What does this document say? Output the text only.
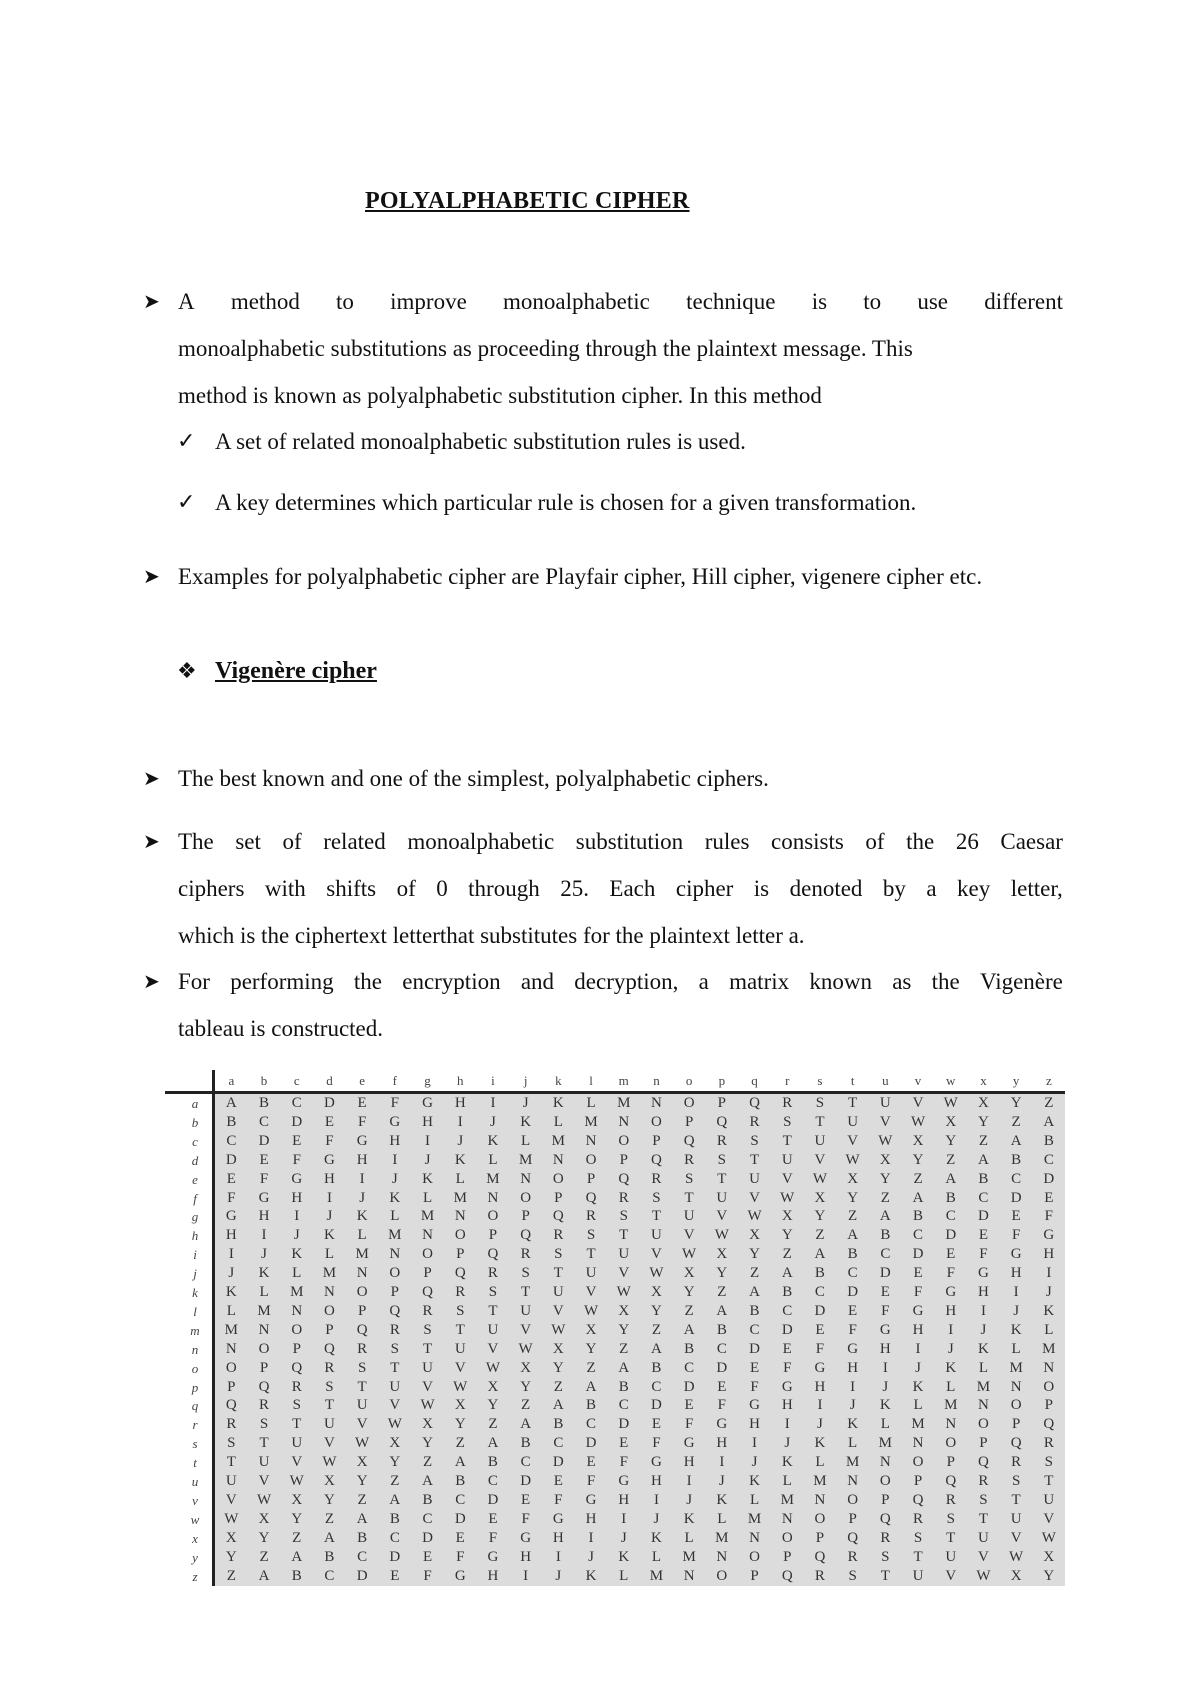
POLYALPHABETIC CIPHER
➤ A method to improve monoalphabetic technique is to use different
monoalphabetic substitutions as proceeding through the plaintext message. This
method is known as polyalphabetic substitution cipher. In this method
✓ A set of related monoalphabetic substitution rules is used.
✓ A key determines which particular rule is chosen for a given transformation.
➤ Examples for polyalphabetic cipher are Playfair cipher, Hill cipher, vigenere cipher etc.
❖ Vigenère cipher
➤ The best known and one of the simplest, polyalphabetic ciphers.
➤ The set of related monoalphabetic substitution rules consists of the 26 Caesar
ciphers with shifts of 0 through 25. Each cipher is denoted by a key letter,
which is the ciphertext letterthat substitutes for the plaintext letter a.
➤ For performing the encryption and decryption, a matrix known as the Vigenère
tableau is constructed.
a	b	c	d	e	f	g	h	i	j	k	l	m	n	o	p	q	r	s	t	u	v	w	x	y	z
a	A	B	C	D	E	F	G	H	I	J	K	L	M	N	O	P	Q	R	S	T	U	V	W	X	Y	Z
b	B	C	D	E	F	G	H	I	J	K	L	M	N	O	P	Q	R	S	T	U	V	W	X	Y	Z	A
c	C	D	E	F	G	H	I	J	K	L	M	N	O	P	Q	R	S	T	U	V	W	X	Y	Z	A	B
d	D	E	F	G	H	I	J	K	L	M	N	O	P	Q	R	S	T	U	V	W	X	Y	Z	A	B	C
e	E	F	G	H	I	J	K	L	M	N	O	P	Q	R	S	T	U	V	W	X	Y	Z	A	B	C	D
f	F	G	H	I	J	K	L	M	N	O	P	Q	R	S	T	U	V	W	X	Y	Z	A	B	C	D	E
g	G	H	I	J	K	L	M	N	O	P	Q	R	S	T	U	V	W	X	Y	Z	A	B	C	D	E	F
h	H	I	J	K	L	M	N	O	P	Q	R	S	T	U	V	W	X	Y	Z	A	B	C	D	E	F	G
i	I	J	K	L	M	N	O	P	Q	R	S	T	U	V	W	X	Y	Z	A	B	C	D	E	F	G	H
j	J	K	L	M	N	O	P	Q	R	S	T	U	V	W	X	Y	Z	A	B	C	D	E	F	G	H	I
k	K	L	M	N	O	P	Q	R	S	T	U	V	W	X	Y	Z	A	B	C	D	E	F	G	H	I	J
l	L	M	N	O	P	Q	R	S	T	U	V	W	X	Y	Z	A	B	C	D	E	F	G	H	I	J	K
m	M	N	O	P	Q	R	S	T	U	V	W	X	Y	Z	A	B	C	D	E	F	G	H	I	J	K	L
n	N	O	P	Q	R	S	T	U	V	W	X	Y	Z	A	B	C	D	E	F	G	H	I	J	K	L	M
o	O	P	Q	R	S	T	U	V	W	X	Y	Z	A	B	C	D	E	F	G	H	I	J	K	L	M	N
p	P	Q	R	S	T	U	V	W	X	Y	Z	A	B	C	D	E	F	G	H	I	J	K	L	M	N	O
q	Q	R	S	T	U	V	W	X	Y	Z	A	B	C	D	E	F	G	H	I	J	K	L	M	N	O	P
r	R	S	T	U	V	W	X	Y	Z	A	B	C	D	E	F	G	H	I	J	K	L	M	N	O	P	Q
s	S	T	U	V	W	X	Y	Z	A	B	C	D	E	F	G	H	I	J	K	L	M	N	O	P	Q	R
t	T	U	V	W	X	Y	Z	A	B	C	D	E	F	G	H	I	J	K	L	M	N	O	P	Q	R	S
u	U	V	W	X	Y	Z	A	B	C	D	E	F	G	H	I	J	K	L	M	N	O	P	Q	R	S	T
v	V	W	X	Y	Z	A	B	C	D	E	F	G	H	I	J	K	L	M	N	O	P	Q	R	S	T	U
w	W	X	Y	Z	A	B	C	D	E	F	G	H	I	J	K	L	M	N	O	P	Q	R	S	T	U	V
x	X	Y	Z	A	B	C	D	E	F	G	H	I	J	K	L	M	N	O	P	Q	R	S	T	U	V	W
y	Y	Z	A	B	C	D	E	F	G	H	I	J	K	L	M	N	O	P	Q	R	S	T	U	V	W	X
z	Z	A	B	C	D	E	F	G	H	I	J	K	L	M	N	O	P	Q	R	S	T	U	V	W	X	Y
